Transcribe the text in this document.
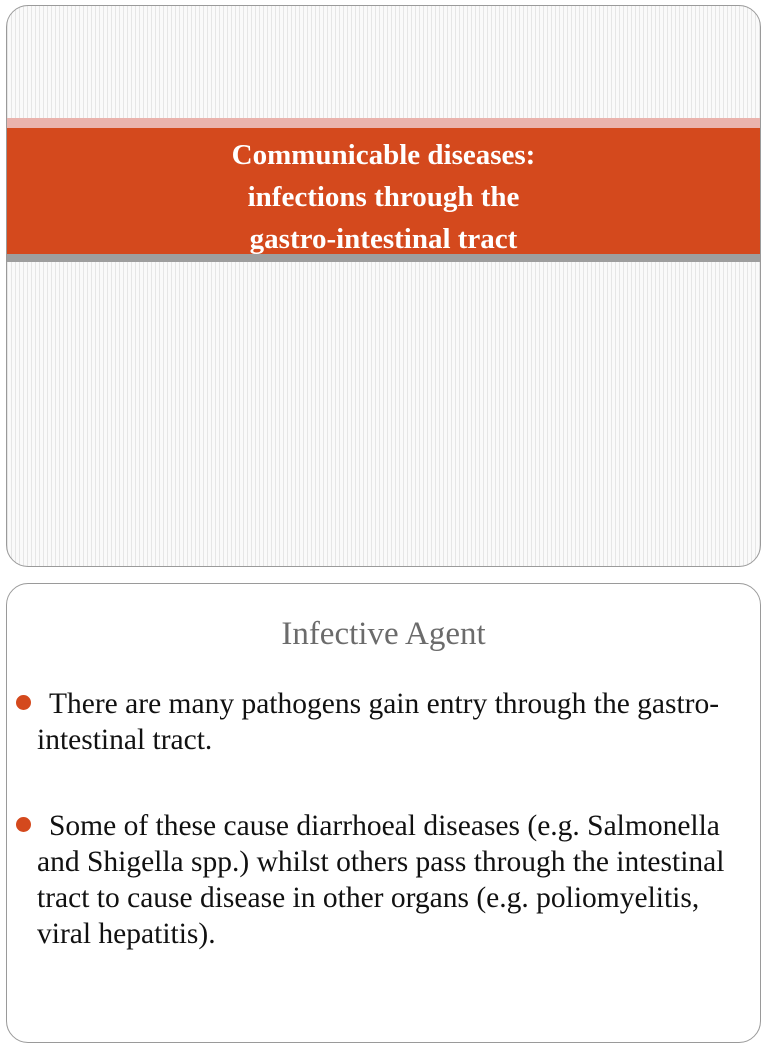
Communicable diseases:
infections through the
gastro-intestinal tract
Infective Agent
There are many pathogens gain entry through the gastro-intestinal tract.
Some of these cause diarrhoeal diseases (e.g. Salmonella and Shigella spp.) whilst others pass through the intestinal tract to cause disease in other organs (e.g. poliomyelitis, viral hepatitis).
